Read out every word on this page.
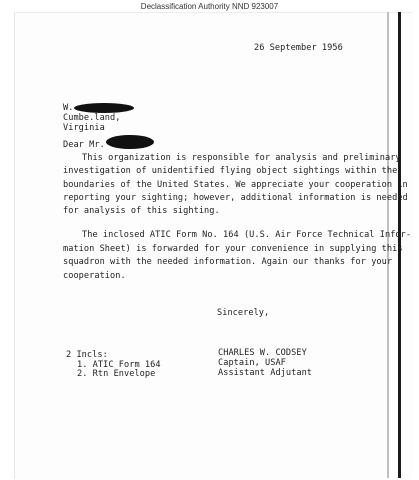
Declassification Authority NND 923007
26 September 1956
W.
Cumbe.land,
Virginia
Dear Mr.
This organization is responsible for analysis and preliminary
investigation of unidentified flying object sightings within the
boundaries of the United States. We appreciate your cooperation in
reporting your sighting; however, additional information is needed
for analysis of this sighting.
The inclosed ATIC Form No. 164 (U.S. Air Force Technical Infor-
mation Sheet) is forwarded for your convenience in supplying this
squadron with the needed information. Again our thanks for your
cooperation.
Sincerely,
2 Incls:
1. ATIC Form 164
2. Rtn Envelope
CHARLES W. CODSEY
Captain, USAF
Assistant Adjutant
